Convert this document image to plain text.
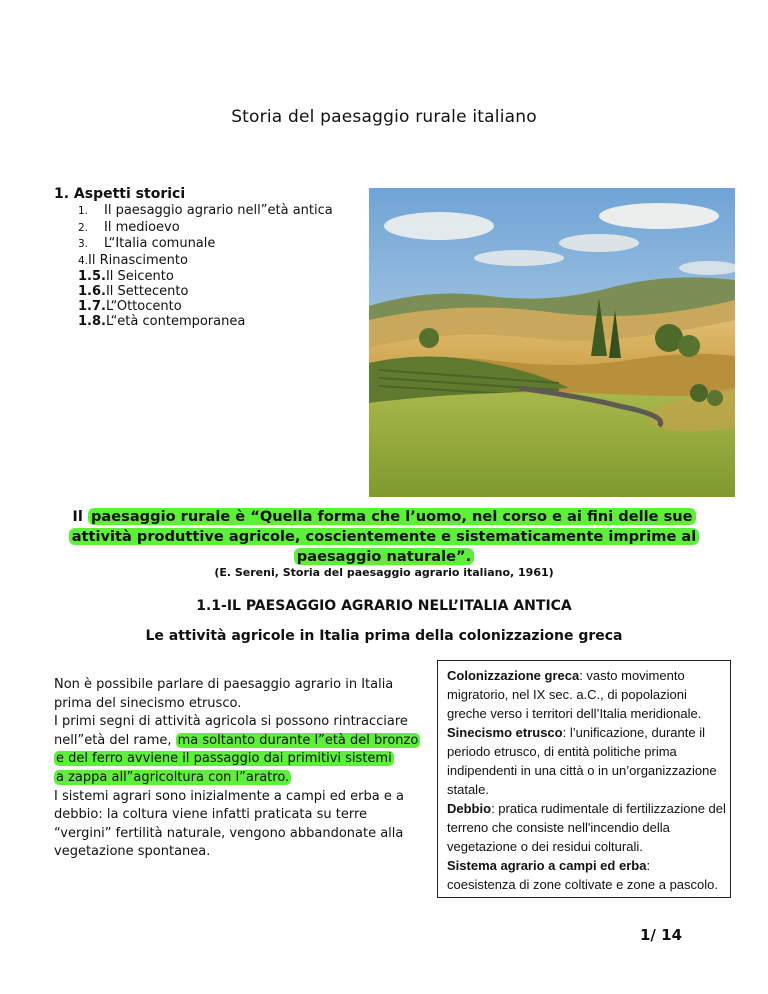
Storia del paesaggio rurale italiano
1. Aspetti storici
1. Il paesaggio agrario nell”età antica
2. Il medioevo
3. L“Italia comunale
4.Il Rinascimento
1.5.Il Seicento
1.6.Il Settecento
1.7.L“Ottocento
1.8.L“età contemporanea
Il paesaggio rurale è “Quella forma che l’uomo, nel corso e ai fini delle sue attività produttive agricole, coscientemente e sistematicamente imprime al paesaggio naturale”.
(E. Sereni, Storia del paesaggio agrario italiano, 1961)
1.1-IL PAESAGGIO AGRARIO NELL’ITALIA ANTICA
Le attività agricole in Italia prima della colonizzazione greca
Non è possibile parlare di paesaggio agrario in Italia prima del sinecismo etrusco.
I primi segni di attività agricola si possono rintracciare nell”età del rame, ma soltanto durante l”età del bronzo
e del ferro avviene il passaggio dai primitivi sistemi
a zappa all”agricoltura con l”aratro.
I sistemi agrari sono inizialmente a campi ed erba e a debbio: la coltura viene infatti praticata su terre “vergini” fertilità naturale, vengono abbandonate alla vegetazione spontanea.
Colonizzazione greca: vasto movimento migratorio, nel IX sec. a.C., di popolazioni greche verso i territori dell’Italia meridionale.
Sinecismo etrusco: l’unificazione, durante il periodo etrusco, di entità politiche prima indipendenti in una città o in un’organizzazione statale.
Debbio: pratica rudimentale di fertilizzazione del terreno che consiste nell'incendio della vegetazione o dei residui colturali.
Sistema agrario a campi ed erba:
coesistenza di zone coltivate e zone a pascolo.
1/ 14
